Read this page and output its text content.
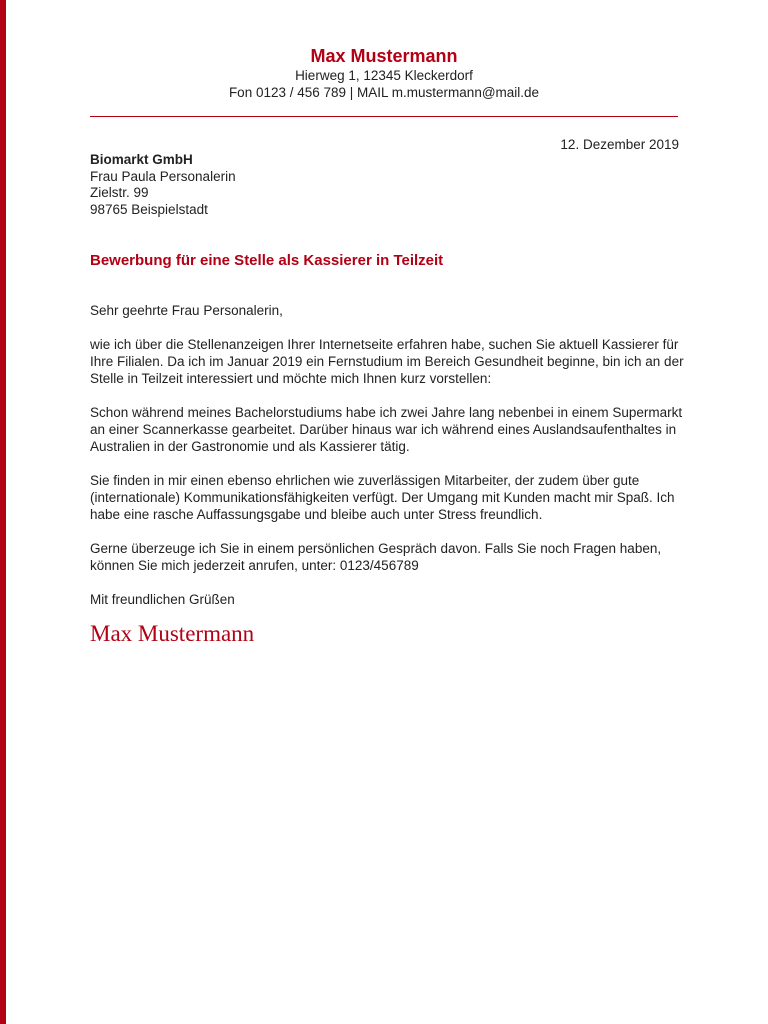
Max Mustermann
Hierweg 1, 12345 Kleckerdorf
Fon 0123 / 456 789 | MAIL m.mustermann@mail.de
12. Dezember 2019
Biomarkt GmbH
Frau Paula Personalerin
Zielstr. 99
98765 Beispielstadt
Bewerbung für eine Stelle als Kassierer in Teilzeit

Sehr geehrte Frau Personalerin,

wie ich über die Stellenanzeigen Ihrer Internetseite erfahren habe, suchen Sie aktuell Kassierer für Ihre Filialen. Da ich im Januar 2019 ein Fernstudium im Bereich Gesundheit beginne, bin ich an der Stelle in Teilzeit interessiert und möchte mich Ihnen kurz vorstellen:

Schon während meines Bachelorstudiums habe ich zwei Jahre lang nebenbei in einem Supermarkt an einer Scannerkasse gearbeitet. Darüber hinaus war ich während eines Auslandsaufenthaltes in Australien in der Gastronomie und als Kassierer tätig.

Sie finden in mir einen ebenso ehrlichen wie zuverlässigen Mitarbeiter, der zudem über gute (internationale) Kommunikationsfähigkeiten verfügt. Der Umgang mit Kunden macht mir Spaß. Ich habe eine rasche Auffassungsgabe und bleibe auch unter Stress freundlich.

Gerne überzeuge ich Sie in einem persönlichen Gespräch davon. Falls Sie noch Fragen haben, können Sie mich jederzeit anrufen, unter: 0123/456789

Mit freundlichen Grüßen

Max Mustermann
